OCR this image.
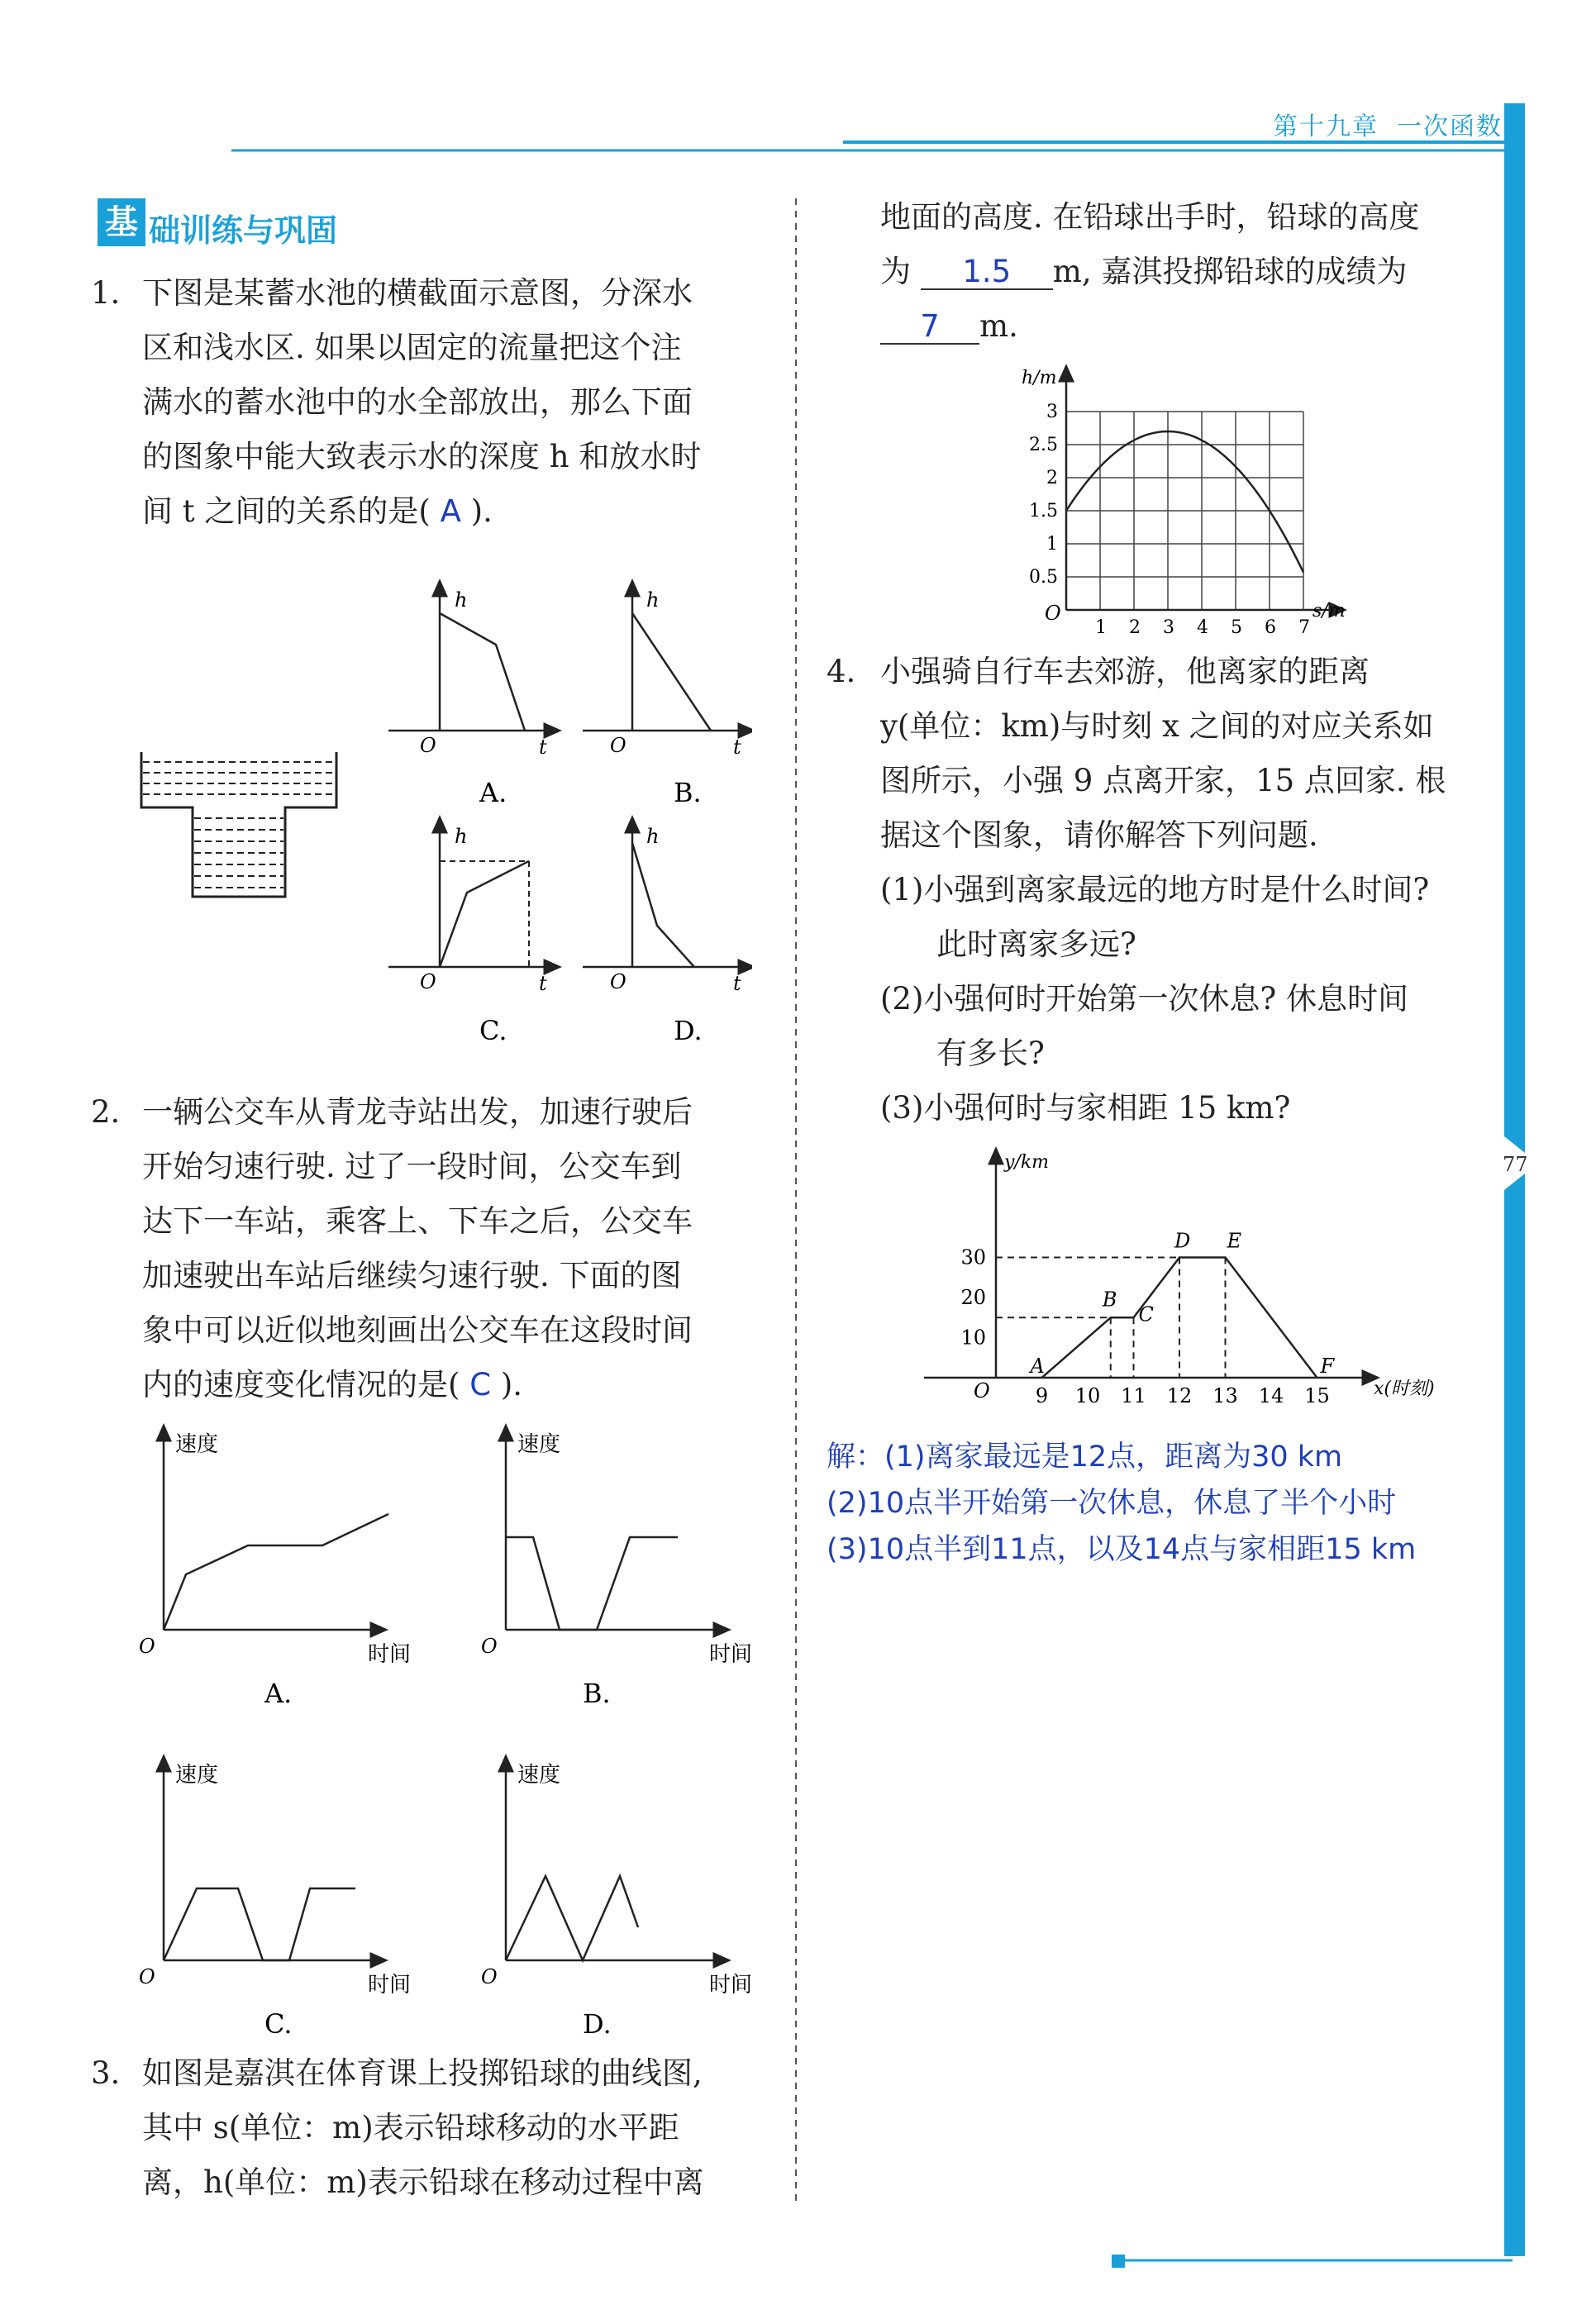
第十九章 一次函数
77
基 础训练与巩固
1. 下图是某蓄水池的横截面示意图，分深水
区和浅水区. 如果以固定的流量把这个注
满水的蓄水池中的水全部放出，那么下面
的图象中能大致表示水的深度 h 和放水时
间 t 之间的关系的是( A ).
h
O	t
A.
h
O	t
B.
h
O	t
C.
h
O	t
D.
2. 一辆公交车从青龙寺站出发，加速行驶后
开始匀速行驶. 过了一段时间，公交车到
达下一车站，乘客上、下车之后，公交车
加速驶出车站后继续匀速行驶. 下面的图
象中可以近似地刻画出公交车在这段时间
内的速度变化情况的是( C ).
速度
O	时间
A.
速度
O	时间
B.
速度
O	时间
C.
速度
O	时间
D.
3. 如图是嘉淇在体育课上投掷铅球的曲线图,
其中 s(单位：m)表示铅球移动的水平距
离，h(单位：m)表示铅球在移动过程中离
地面的高度. 在铅球出手时，铅球的高度
为 1.5 m, 嘉淇投掷铅球的成绩为
7 m.
1 2 3 4 5 6 7
0.5
1
1.5
2
2.5
3
h/m
s/m
O
4. 小强骑自行车去郊游，他离家的距离
y(单位：km)与时刻 x 之间的对应关系如
图所示，小强 9 点离开家，15 点回家. 根
据这个图象，请你解答下列问题.
(1)小强到离家最远的地方时是什么时间?
此时离家多远?
(2)小强何时开始第一次休息? 休息时间
有多长?
(3)小强何时与家相距 15 km?
9 10 11 12 13 14 15
10
20
30
A
B
C
D E
F
y/km
x(时刻)
O
解：(1)离家最远是12点，距离为30 km
(2)10点半开始第一次休息，休息了半个小时
(3)10点半到11点，以及14点与家相距15 km
